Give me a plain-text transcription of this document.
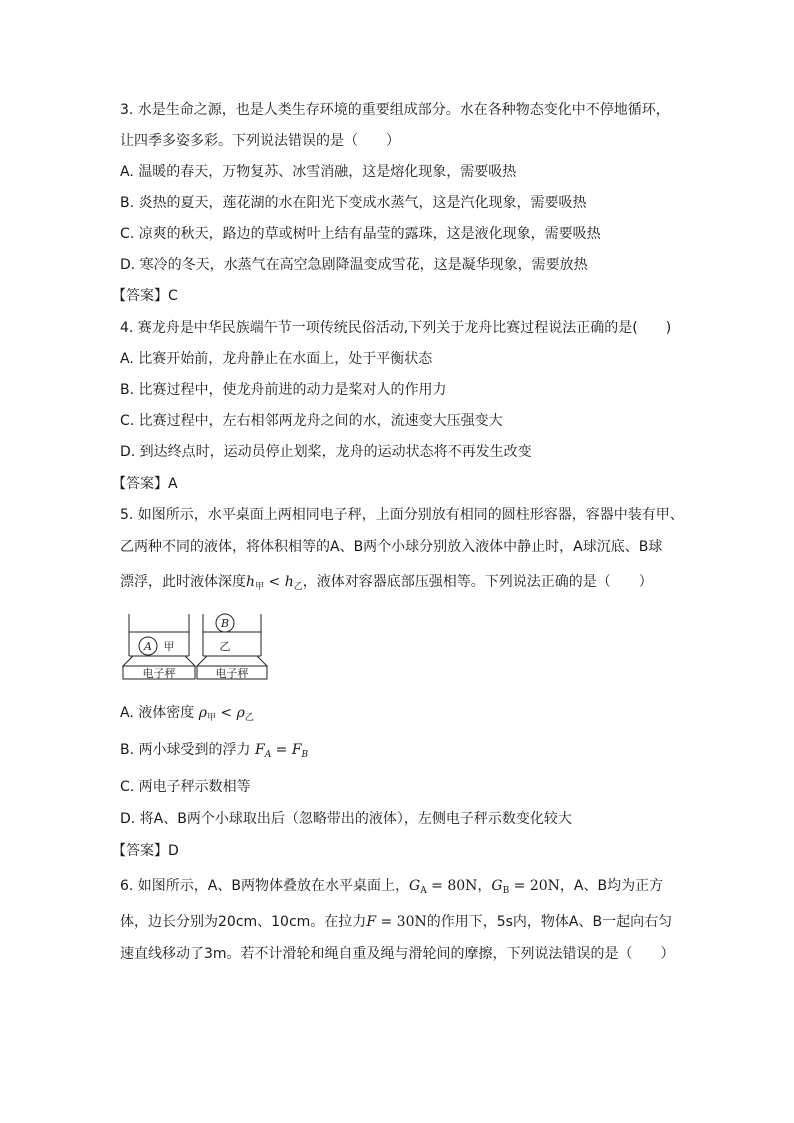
3. 水是生命之源，也是人类生存环境的重要组成部分。水在各种物态变化中不停地循环，
让四季多姿多彩。下列说法错误的是（　　）
A. 温暖的春天，万物复苏、冰雪消融，这是熔化现象，需要吸热
B. 炎热的夏天，莲花湖的水在阳光下变成水蒸气，这是汽化现象，需要吸热
C. 凉爽的秋天，路边的草或树叶上结有晶莹的露珠，这是液化现象，需要吸热
D. 寒冷的冬天，水蒸气在高空急剧降温变成雪花，这是凝华现象，需要放热
【答案】C
4. 赛龙舟是中华民族端午节一项传统民俗活动,下列关于龙舟比赛过程说法正确的是(　　)
A. 比赛开始前，龙舟静止在水面上，处于平衡状态
B. 比赛过程中，使龙舟前进的动力是桨对人的作用力
C. 比赛过程中，左右相邻两龙舟之间的水，流速变大压强变大
D. 到达终点时，运动员停止划桨，龙舟的运动状态将不再发生改变
【答案】A
5. 如图所示，水平桌面上两相同电子秤，上面分别放有相同的圆柱形容器，容器中装有甲、
乙两种不同的液体，将体积相等的A、B两个小球分别放入液体中静止时，A球沉底、B球
漂浮，此时液体深度$h_甲 < h_乙$，液体对容器底部压强相等。下列说法正确的是（　　）
A
B
甲	乙
电子秤	电子秤
A. 液体密度 $\rho_甲 < \rho_乙$
B. 两小球受到的浮力 $F_A = F_B$
C. 两电子秤示数相等
D. 将A、B两个小球取出后（忽略带出的液体），左侧电子秤示数变化较大
【答案】D
6. 如图所示，A、B两物体叠放在水平桌面上，$G_A = 80N$，$G_B = 20N$，A、B均为正方
体，边长分别为20cm、10cm。在拉力F = 30N的作用下，5s内，物体A、B一起向右匀
速直线移动了3m。若不计滑轮和绳自重及绳与滑轮间的摩擦，下列说法错误的是（　　）
